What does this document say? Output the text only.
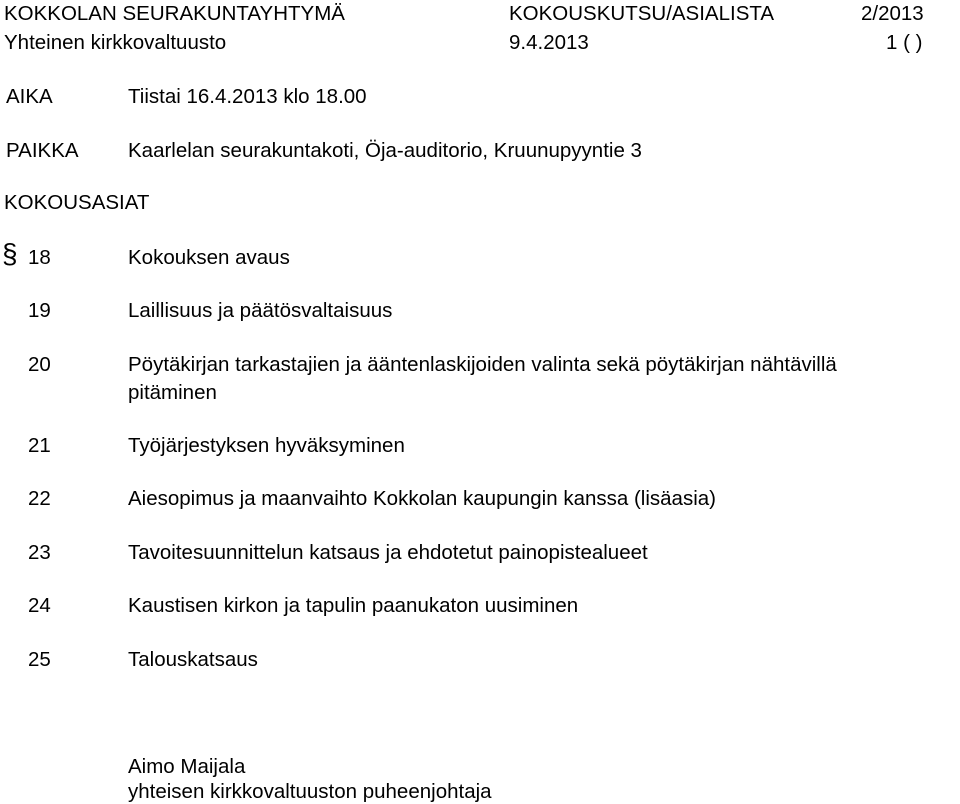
KOKKOLAN SEURAKUNTAYHTYMÄ	KOKOUSKUTSU/ASIALISTA	2/2013
Yhteinen kirkkovaltuusto	9.4.2013	1 ( )
AIKA	Tiistai 16.4.2013 klo 18.00
PAIKKA Kaarlelan seurakuntakoti, Öja-auditorio, Kruunupyyntie 3
KOKOUSASIAT
§ 18	Kokouksen avaus
19	Laillisuus ja päätösvaltaisuus
20	Pöytäkirjan tarkastajien ja ääntenlaskijoiden valinta sekä pöytäkirjan nähtävillä
pitäminen
21	Työjärjestyksen hyväksyminen
22	Aiesopimus ja maanvaihto Kokkolan kaupungin kanssa (lisäasia)
23	Tavoitesuunnittelun katsaus ja ehdotetut painopistealueet
24	Kaustisen kirkon ja tapulin paanukaton uusiminen
25	Talouskatsaus
Aimo Maijala
yhteisen kirkkovaltuuston puheenjohtaja
